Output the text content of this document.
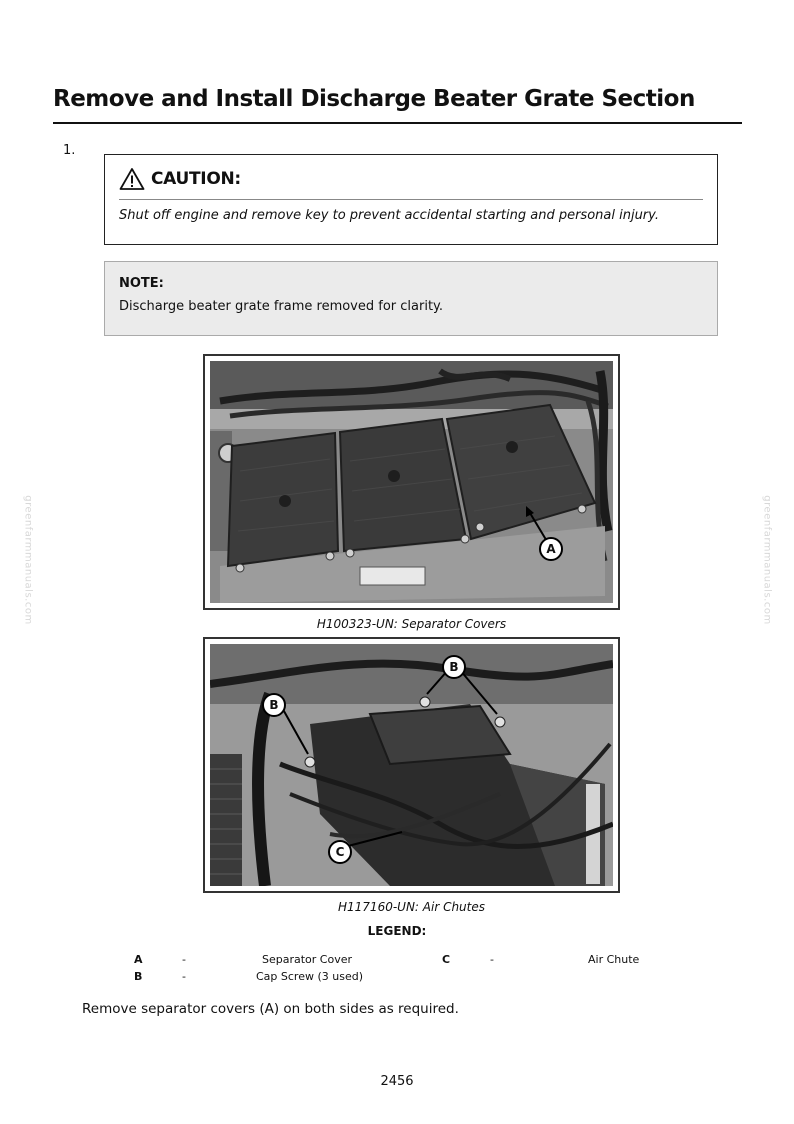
greenfarmmanuals.com	greenfarmmanuals.com
Remove and Install Discharge Beater Grate Section
1.
CAUTION:
Shut off engine and remove key to prevent accidental starting and personal injury.
NOTE:
Discharge beater grate frame removed for clarity.
A
H100323-UN: Separator Covers
B
B
C
H117160-UN: Air Chutes
LEGEND:
A	-	Separator Cover
B	-	Cap Screw (3 used)
C	-	Air Chute
Remove separator covers (A) on both sides as required.
2456
